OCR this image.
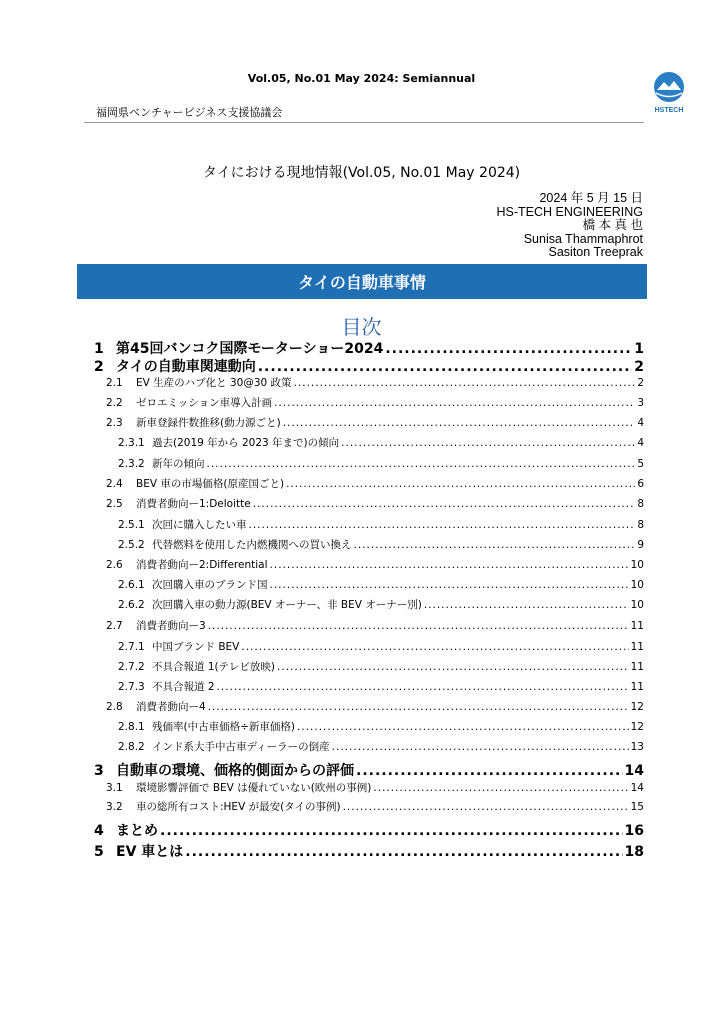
Vol.05, No.01 May 2024: Semiannual
福岡県ベンチャービジネス支援協議会	HSTECH
タイにおける現地情報(Vol.05, No.01 May 2024)
2024 年 5 月 15 日
HS-TECH ENGINEERING
橋 本 真 也
Sunisa Thammaphrot
Sasiton Treeprak
タイの自動車事情
目次
1 第45回バンコク国際モーターショー2024 .....	1
2 タイの自動車関連動向 .....	2
2.1	EV 生産のハブ化と 30@30 政策 .....	2
2.2	ゼロエミッション車導入計画 .....	3
2.3	新車登録件数推移(動力源ごと) .....	4
2.3.1 過去(2019 年から 2023 年まで)の傾向 .....	4
2.3.2 新年の傾向 .....	5
2.4	BEV 車の市場価格(原産国ごと) .....	6
2.5	消費者動向ー1:Deloitte .....	8
2.5.1 次回に購入したい車 .....	8
2.5.2 代替燃料を使用した内燃機関への買い換え .....	9
2.6	消費者動向ー2:Differential .....	10
2.6.1 次回購入車のブランド国 .....	10
2.6.2 次回購入車の動力源(BEV オーナー、非 BEV オーナー別) .....	10
2.7	消費者動向ー3 .....	11
2.7.1 中国ブランド BEV .....	11
2.7.2 不具合報道 1(テレビ放映) .....	11
2.7.3 不具合報道 2 .....	11
2.8	消費者動向ー4 .....	12
2.8.1 残価率(中古車価格÷新車価格) .....	12
2.8.2 インド系大手中古車ディーラーの倒産 .....	13
3 自動車の環境、価格的側面からの評価 .....	14
3.1	環境影響評価で BEV は優れていない(欧州の事例) .....	14
3.2	車の総所有コスト:HEV が最安(タイの事例) .....	15
4 まとめ .....	16
5 EV 車とは .....	18
